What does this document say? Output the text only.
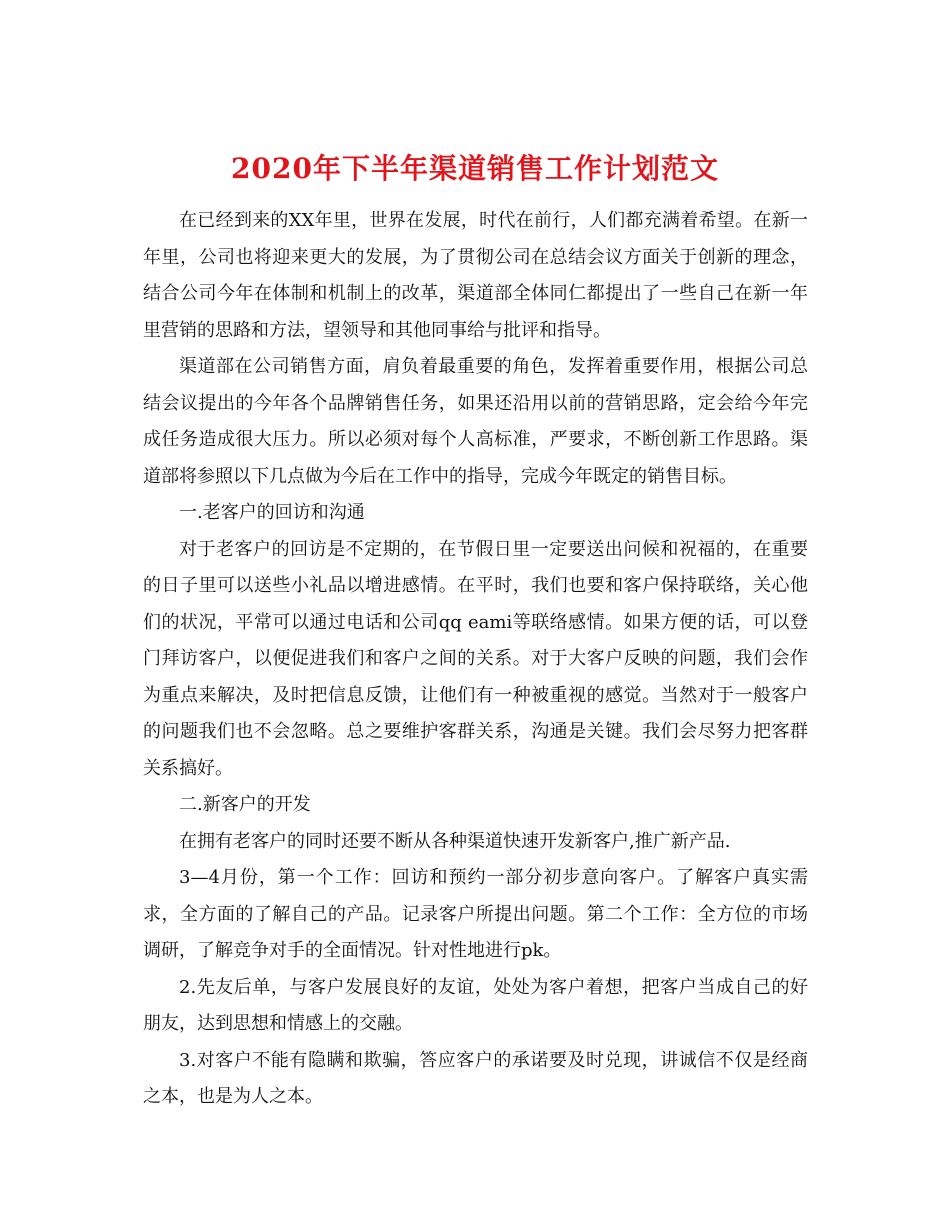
2020年下半年渠道销售工作计划范文

在已经到来的XX年里，世界在发展，时代在前行，人们都充满着希望。在新一年里，公司也将迎来更大的发展，为了贯彻公司在总结会议方面关于创新的理念，结合公司今年在体制和机制上的改革，渠道部全体同仁都提出了一些自己在新一年里营销的思路和方法，望领导和其他同事给与批评和指导。

渠道部在公司销售方面，肩负着最重要的角色，发挥着重要作用，根据公司总结会议提出的今年各个品牌销售任务，如果还沿用以前的营销思路，定会给今年完成任务造成很大压力。所以必须对每个人高标准，严要求，不断创新工作思路。渠道部将参照以下几点做为今后在工作中的指导，完成今年既定的销售目标。

一.老客户的回访和沟通

对于老客户的回访是不定期的，在节假日里一定要送出问候和祝福的，在重要的日子里可以送些小礼品以增进感情。在平时，我们也要和客户保持联络，关心他们的状况，平常可以通过电话和公司qq eami等联络感情。如果方便的话，可以登门拜访客户，以便促进我们和客户之间的关系。对于大客户反映的问题，我们会作为重点来解决，及时把信息反馈，让他们有一种被重视的感觉。当然对于一般客户的问题我们也不会忽略。总之要维护客群关系，沟通是关键。我们会尽努力把客群关系搞好。

二.新客户的开发

在拥有老客户的同时还要不断从各种渠道快速开发新客户,推广新产品.

3—4月份，第一个工作：回访和预约一部分初步意向客户。了解客户真实需求，全方面的了解自己的产品。记录客户所提出问题。第二个工作：全方位的市场调研，了解竞争对手的全面情况。针对性地进行pk。

2.先友后单，与客户发展良好的友谊，处处为客户着想，把客户当成自己的好朋友，达到思想和情感上的交融。

3.对客户不能有隐瞒和欺骗，答应客户的承诺要及时兑现，讲诚信不仅是经商之本，也是为人之本。
